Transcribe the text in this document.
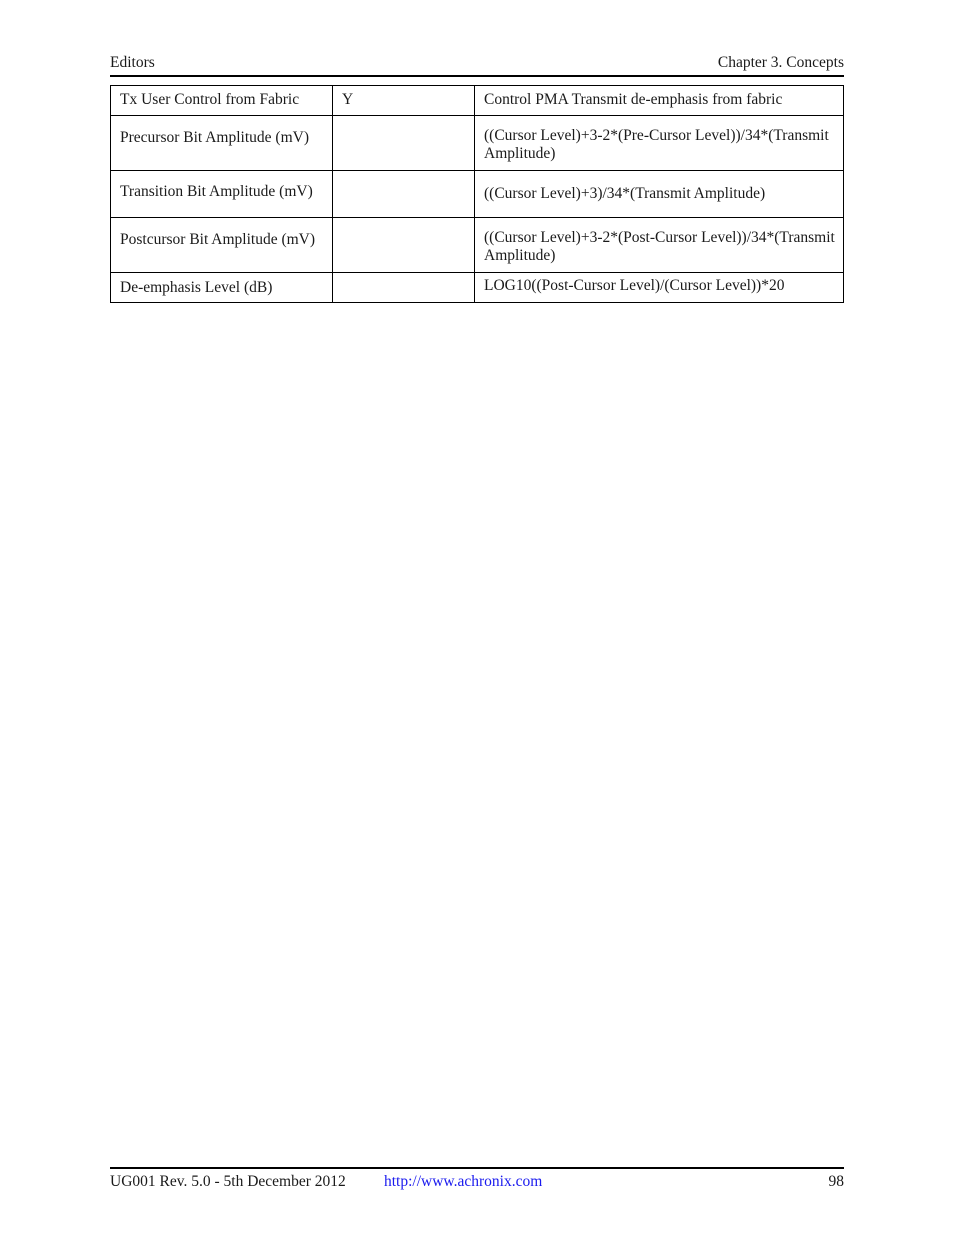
Editors	Chapter 3. Concepts
Tx User Control from Fabric	Y	Control PMA Transmit de-emphasis from fabric

Precursor Bit Amplitude (mV)		((Cursor Level)+3-2*(Pre-Cursor Level))/34*(Transmit Amplitude)

Transition Bit Amplitude (mV)		((Cursor Level)+3)/34*(Transmit Amplitude)

Postcursor Bit Amplitude (mV)		((Cursor Level)+3-2*(Post-Cursor Level))/34*(Transmit Amplitude)

De-emphasis Level (dB)		LOG10((Post-Cursor Level)/(Cursor Level))*20
UG001 Rev. 5.0 - 5th December 2012 http://www.achronix.com	98
